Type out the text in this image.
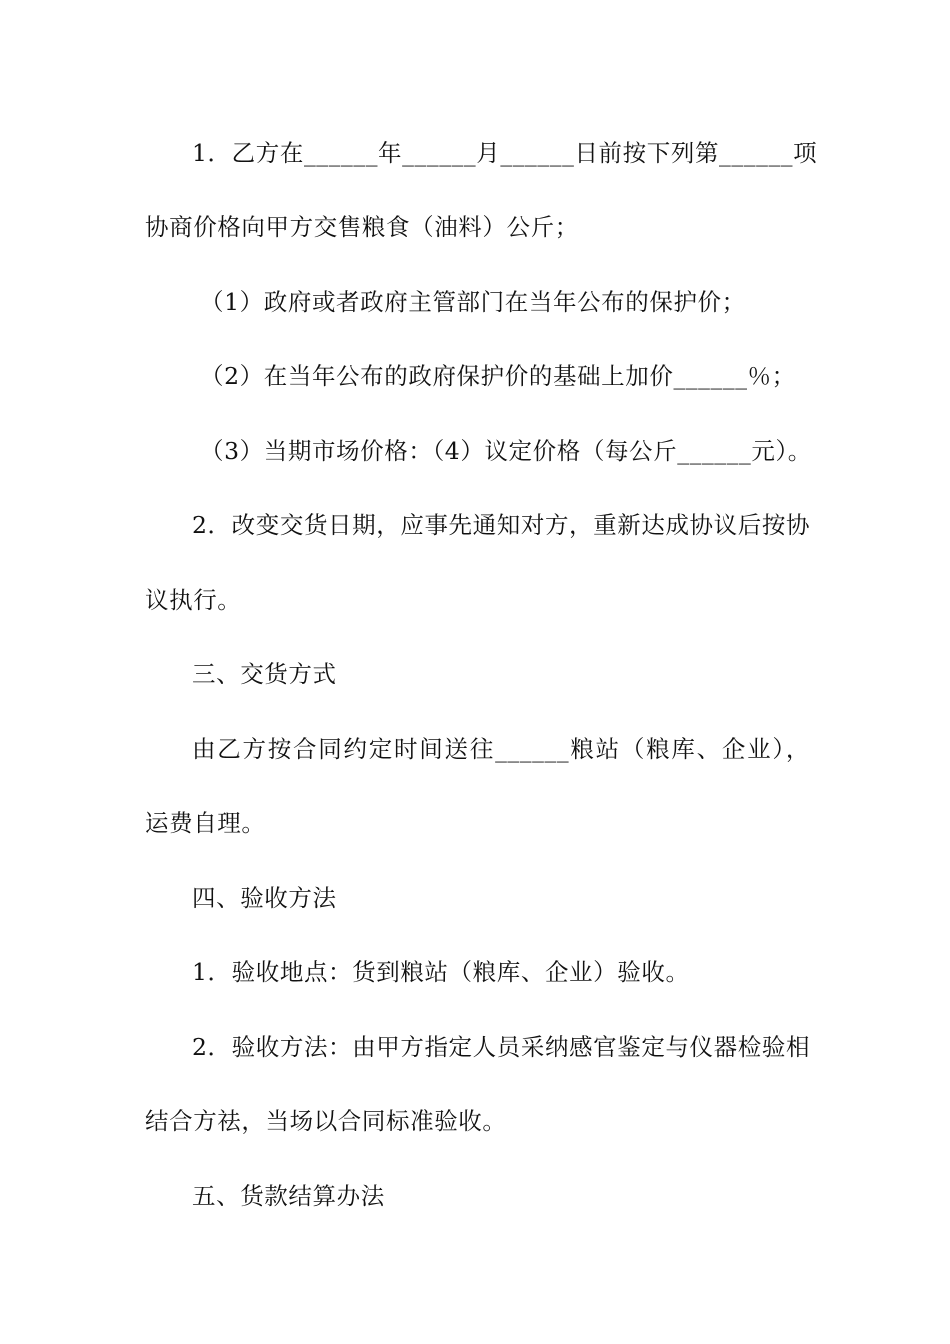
1．乙方在______年______月______日前按下列第______项
协商价格向甲方交售粮食（油料）公斤；
（1）政府或者政府主管部门在当年公布的保护价；
（2）在当年公布的政府保护价的基础上加价______％；
（3）当期市场价格：（4）议定价格（每公斤______元）。
2．改变交货日期，应事先通知对方，重新达成协议后按协
议执行。
三、交货方式
由乙方按合同约定时间送往______粮站（粮库、企业），
运费自理。
四、验收方法
1．验收地点：货到粮站（粮库、企业）验收。
2．验收方法：由甲方指定人员采纳感官鉴定与仪器检验相
结合方祛，当场以合同标准验收。
五、货款结算办法
